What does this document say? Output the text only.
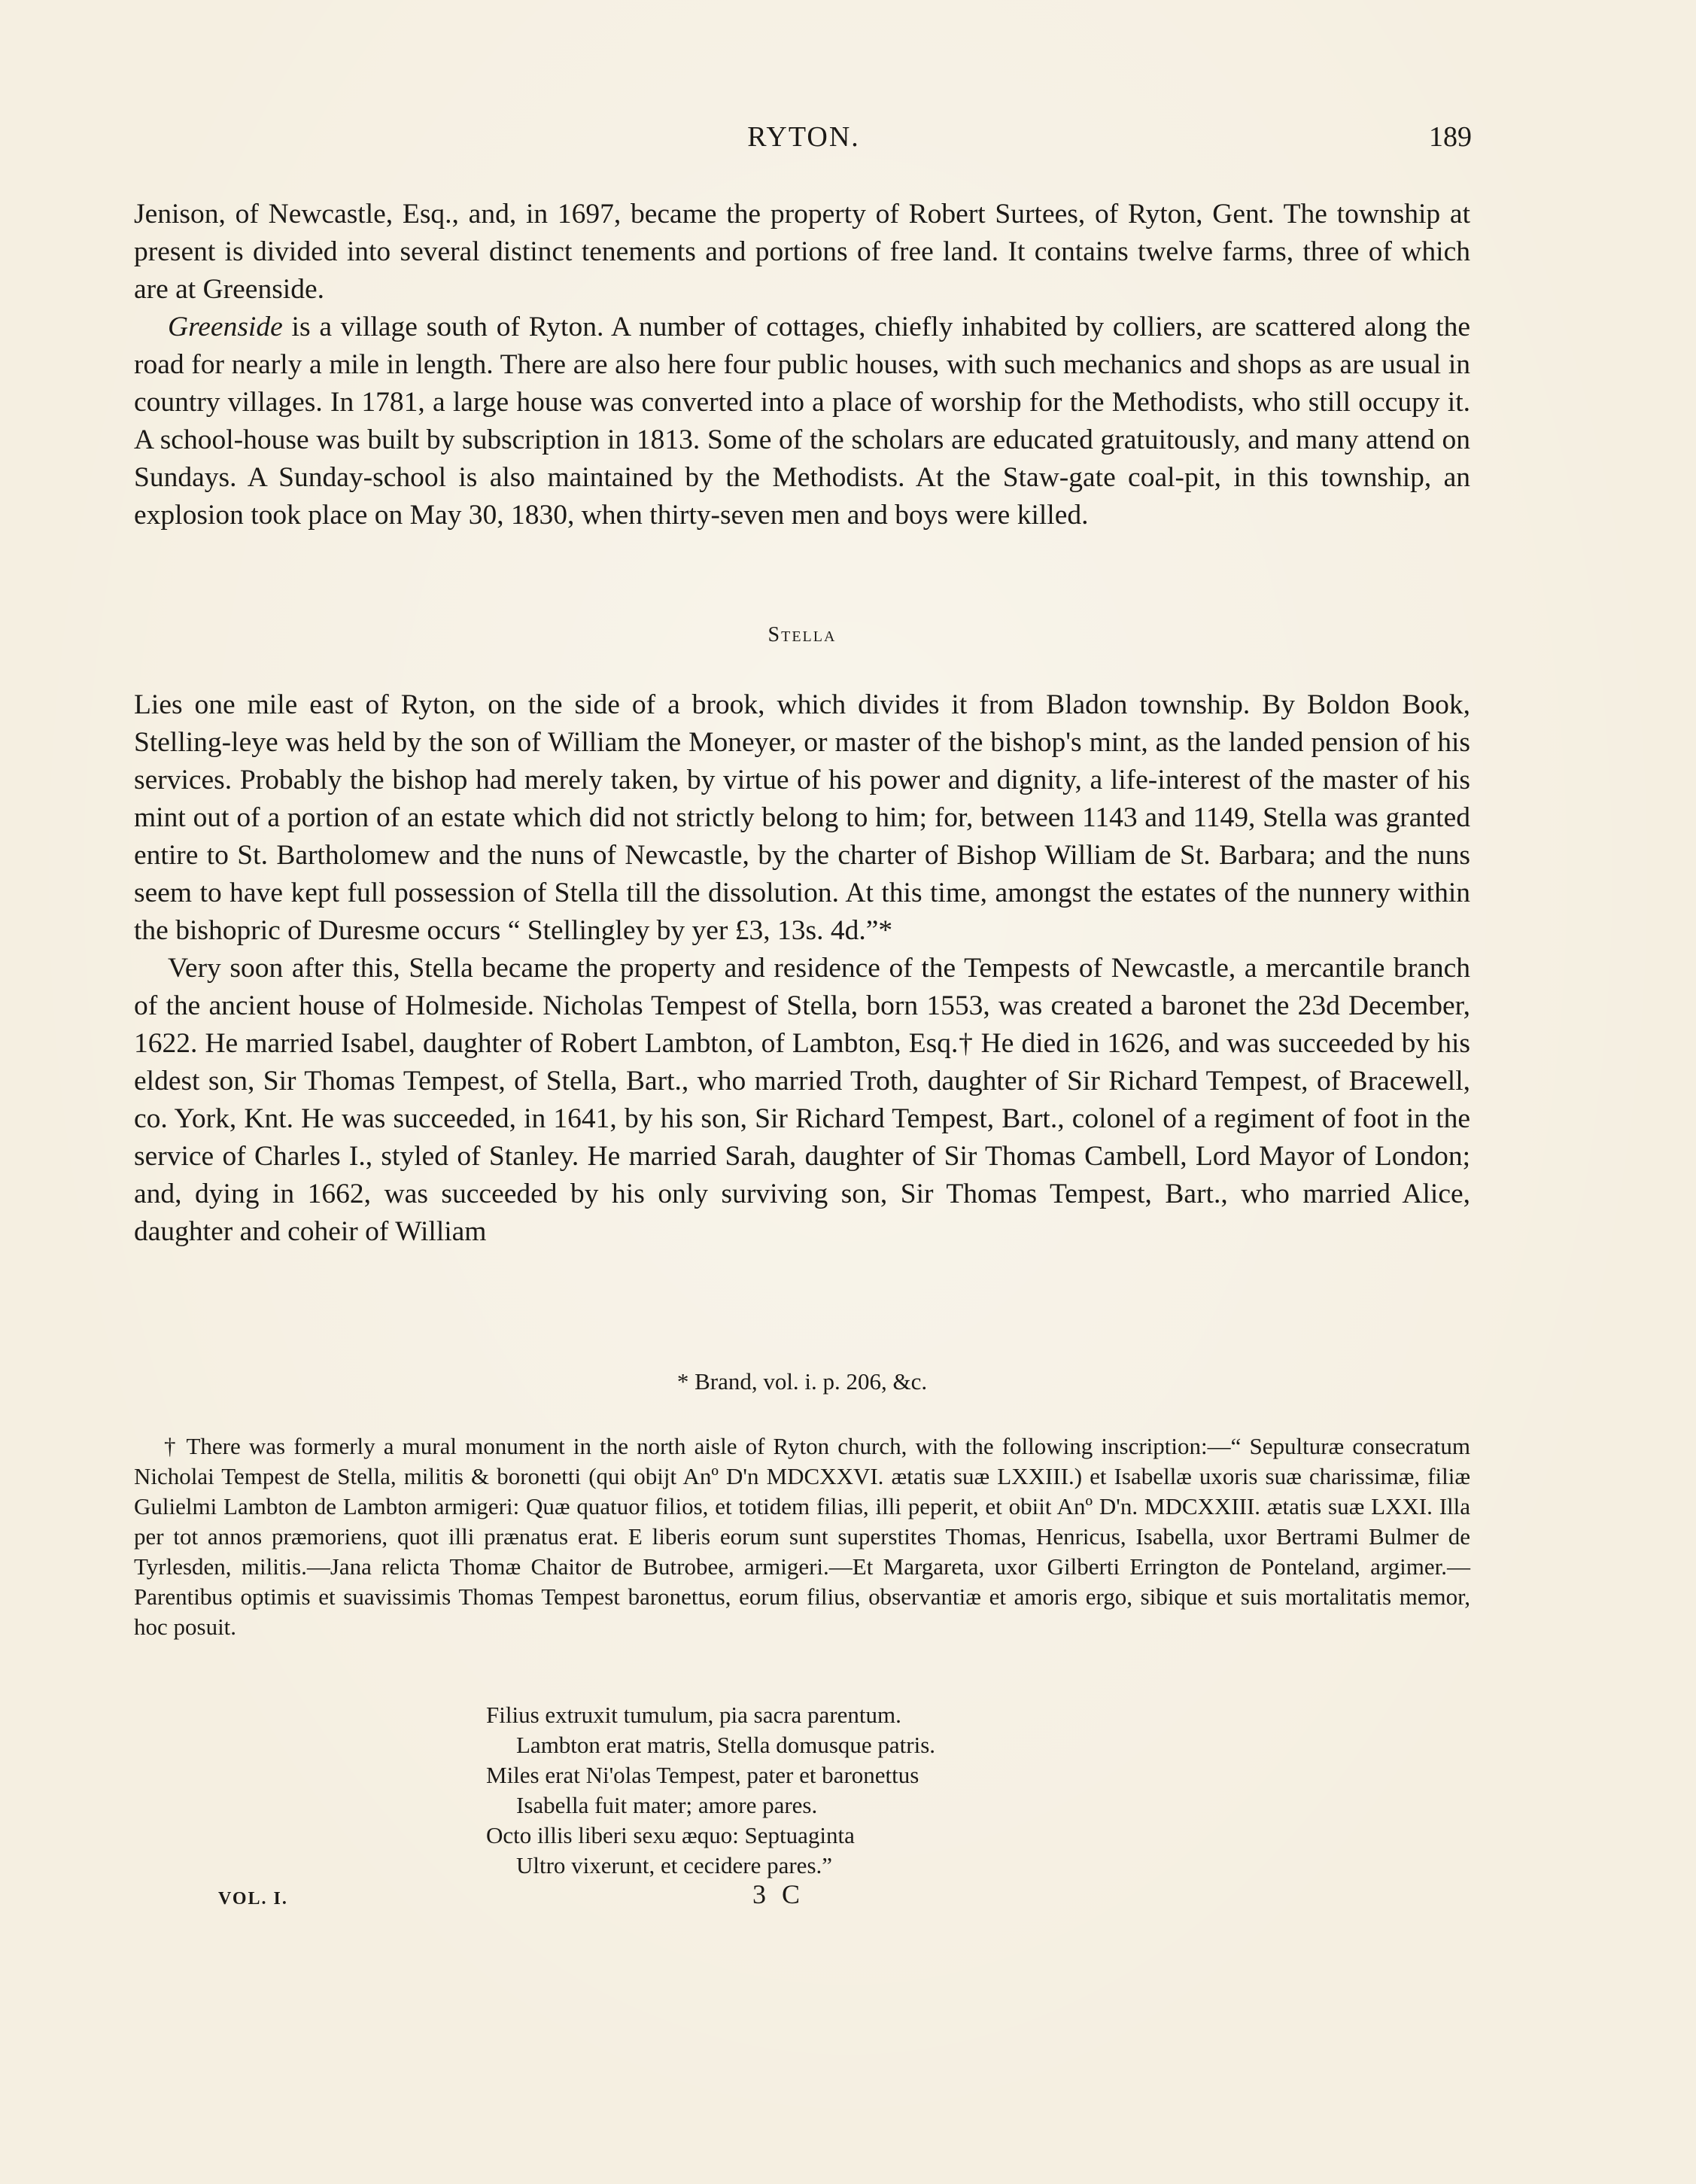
RYTON.	189

Jenison, of Newcastle, Esq., and, in 1697, became the property of Robert Surtees, of Ryton, Gent. The township at present is divided into several distinct tenements and portions of free land. It contains twelve farms, three of which are at Greenside.

Greenside is a village south of Ryton. A number of cottages, chiefly inhabited by colliers, are scattered along the road for nearly a mile in length. There are also here four public houses, with such mechanics and shops as are usual in country villages. In 1781, a large house was converted into a place of worship for the Methodists, who still occupy it. A school-house was built by subscription in 1813. Some of the scholars are educated gratuitously, and many attend on Sundays. A Sunday-school is also maintained by the Methodists. At the Staw-gate coal-pit, in this township, an explosion took place on May 30, 1830, when thirty-seven men and boys were killed.

Stella

Lies one mile east of Ryton, on the side of a brook, which divides it from Bladon township. By Boldon Book, Stelling-leye was held by the son of William the Moneyer, or master of the bishop's mint, as the landed pension of his services. Probably the bishop had merely taken, by virtue of his power and dignity, a life-interest of the master of his mint out of a portion of an estate which did not strictly belong to him; for, between 1143 and 1149, Stella was granted entire to St. Bartholomew and the nuns of Newcastle, by the charter of Bishop William de St. Barbara; and the nuns seem to have kept full possession of Stella till the dissolution. At this time, amongst the estates of the nunnery within the bishopric of Duresme occurs “ Stellingley by yer £3, 13s. 4d.”*

Very soon after this, Stella became the property and residence of the Tempests of Newcastle, a mercantile branch of the ancient house of Holmeside. Nicholas Tempest of Stella, born 1553, was created a baronet the 23d December, 1622. He married Isabel, daughter of Robert Lambton, of Lambton, Esq.† He died in 1626, and was succeeded by his eldest son, Sir Thomas Tempest, of Stella, Bart., who married Troth, daughter of Sir Richard Tempest, of Bracewell, co. York, Knt. He was succeeded, in 1641, by his son, Sir Richard Tempest, Bart., colonel of a regiment of foot in the service of Charles I., styled of Stanley. He married Sarah, daughter of Sir Thomas Cambell, Lord Mayor of London; and, dying in 1662, was succeeded by his only surviving son, Sir Thomas Tempest, Bart., who married Alice, daughter and coheir of William

* Brand, vol. i. p. 206, &c.

† There was formerly a mural monument in the north aisle of Ryton church, with the following inscription:—“ Sepulturæ consecratum Nicholai Tempest de Stella, militis & boronetti (qui obijt Anº D'n MDCXXVI. ætatis suæ LXXIII.) et Isabellæ uxoris suæ charissimæ, filiæ Gulielmi Lambton de Lambton armigeri: Quæ quatuor filios, et totidem filias, illi peperit, et obiit Anº D'n. MDCXXIII. ætatis suæ LXXI. Illa per tot annos præmoriens, quot illi prænatus erat. E liberis eorum sunt superstites Thomas, Henricus, Isabella, uxor Bertrami Bulmer de Tyrlesden, militis.—Jana relicta Thomæ Chaitor de Butrobee, armigeri.—Et Margareta, uxor Gilberti Errington de Ponteland, argimer.—Parentibus optimis et suavissimis Thomas Tempest baronettus, eorum filius, observantiæ et amoris ergo, sibique et suis mortalitatis memor, hoc posuit.

Filius extruxit tumulum, pia sacra parentum.
Lambton erat matris, Stella domusque patris.
Miles erat Ni'olas Tempest, pater et baronettus
Isabella fuit mater; amore pares.
Octo illis liberi sexu æquo: Septuaginta
Ultro vixerunt, et cecidere pares.”
VOL. I.	3 C
